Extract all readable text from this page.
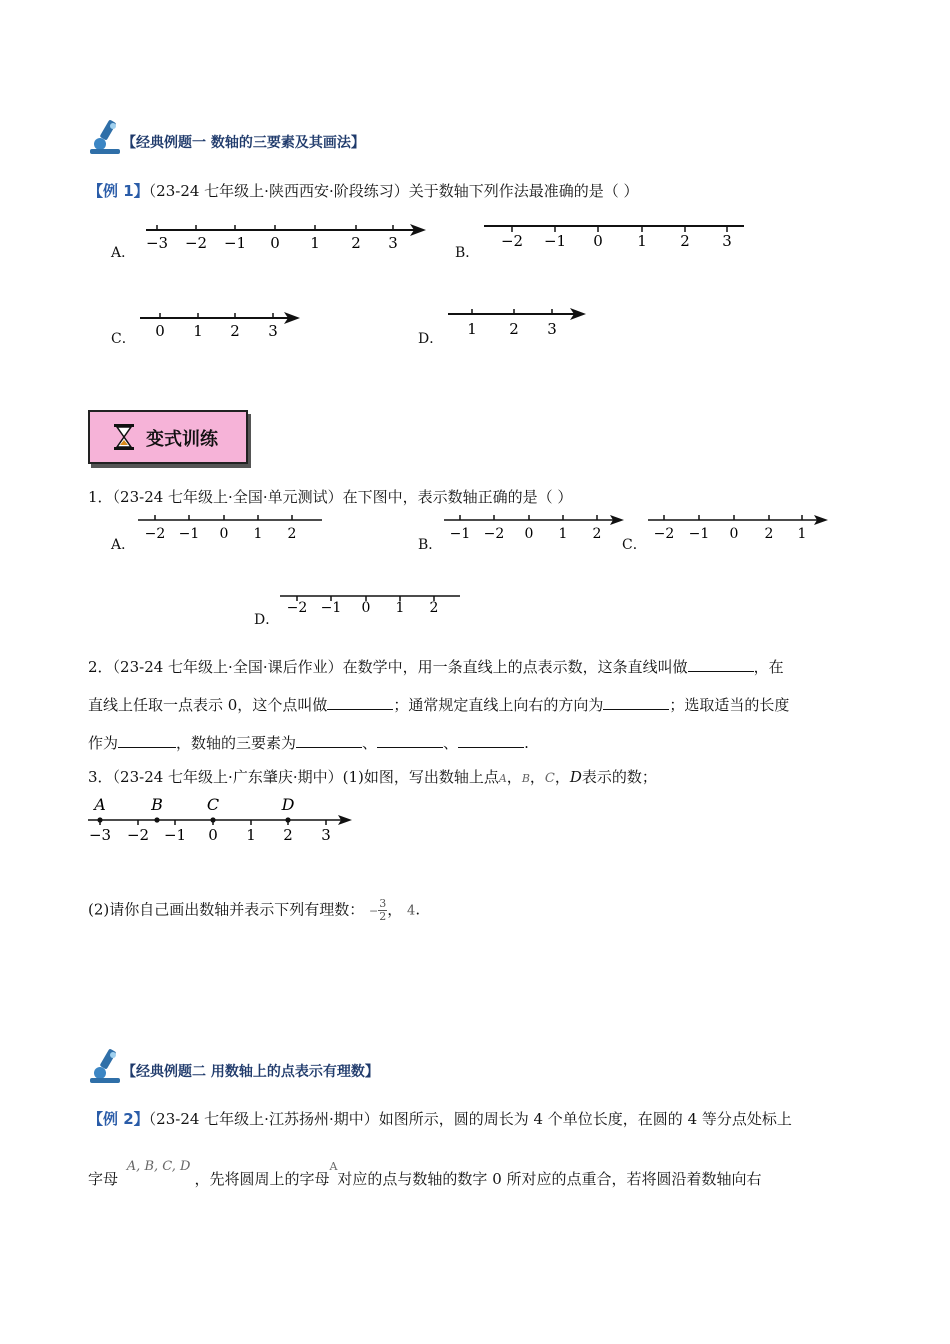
【经典例题一 数轴的三要素及其画法】
【例 1】（23-24 七年级上·陕西西安·阶段练习）关于数轴下列作法最准确的是（ ）
A．
−3 −2 −1 0 1 2 3
B．
−2 −1 0 1 2 3
C． 0 1 2 3	D．
1 2 3
变式训练
1．（23-24 七年级上·全国·单元测试）在下图中，表示数轴正确的是（ ）
A．
−2 −1 0 1 2
B．
−1 −2 0 1 2
C．
−2 −1 0 2 1
D．
−2 −1 0 1 2
2．（23-24 七年级上·全国·课后作业）在数学中，用一条直线上的点表示数，这条直线叫做	，在
直线上任取一点表示 0，这个点叫做	；通常规定直线上向右的方向为	；选取适当的长度
作为	，数轴的三要素为	、	、	.
3．（23-24 七年级上·广东肇庆·期中）(1)如图，写出数轴上点A，B，C，D表示的数；
−3 −2 −1 0 1 2 3
A	B	C	D
(2)请你自己画出数轴并表示下列有理数： − $\frac{3}{2}$ ， 4.
【经典例题二 用数轴上的点表示有理数】
【例 2】（23-24 七年级上·江苏扬州·期中）如图所示，圆的周长为 4 个单位长度，在圆的 4 等分点处标上
字母 A, B, C, D，先将圆周上的字母$^A$对应的点与数轴的数字 0 所对应的点重合，若将圆沿着数轴向右
